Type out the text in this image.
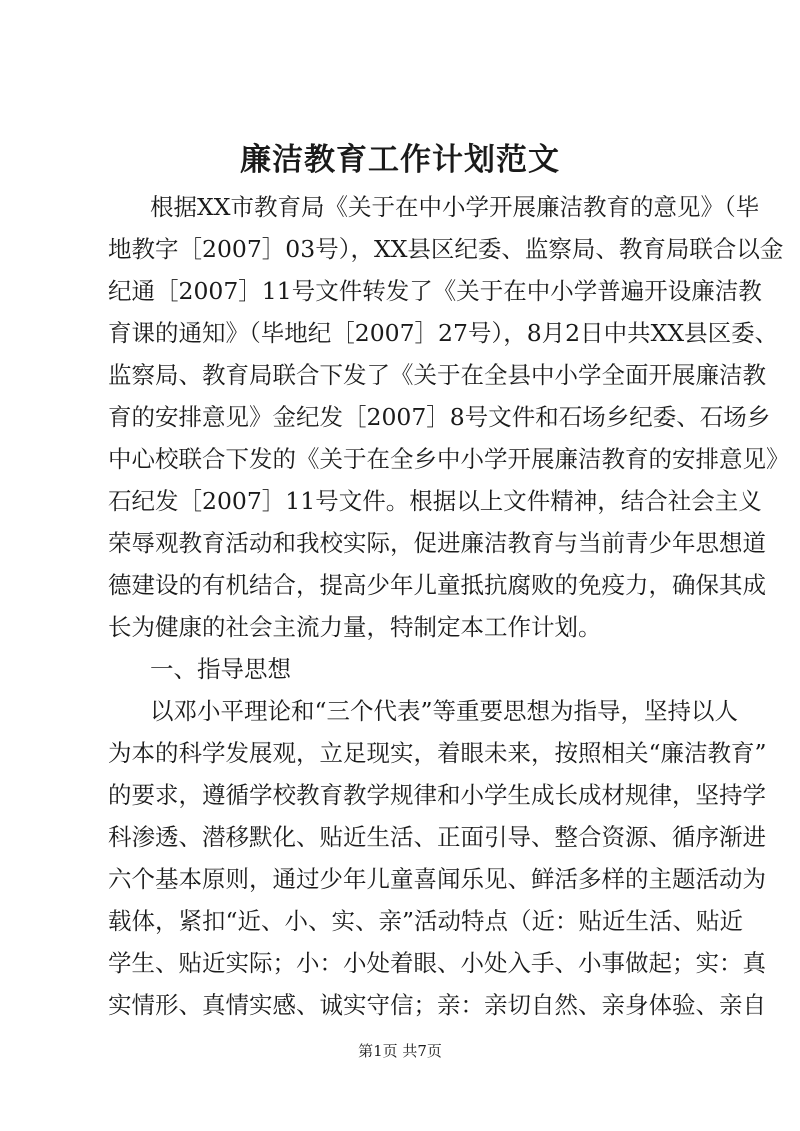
廉洁教育工作计划范文

根据XX市教育局《关于在中小学开展廉洁教育的意见》（毕

地教字［2007］03号），XX县区纪委、监察局、教育局联合以金

纪通［2007］11号文件转发了《关于在中小学普遍开设廉洁教

育课的通知》（毕地纪［2007］27号），8月2日中共XX县区委、

监察局、教育局联合下发了《关于在全县中小学全面开展廉洁教

育的安排意见》金纪发［2007］8号文件和石场乡纪委、石场乡

中心校联合下发的《关于在全乡中小学开展廉洁教育的安排意见》

石纪发［2007］11号文件。根据以上文件精神，结合社会主义

荣辱观教育活动和我校实际，促进廉洁教育与当前青少年思想道

德建设的有机结合，提高少年儿童抵抗腐败的免疫力，确保其成

长为健康的社会主流力量，特制定本工作计划。

一、指导思想

以邓小平理论和“三个代表”等重要思想为指导，坚持以人

为本的科学发展观，立足现实，着眼未来，按照相关“廉洁教育”

的要求，遵循学校教育教学规律和小学生成长成材规律，坚持学

科渗透、潜移默化、贴近生活、正面引导、整合资源、循序渐进

六个基本原则，通过少年儿童喜闻乐见、鲜活多样的主题活动为

载体，紧扣“近、小、实、亲”活动特点（近：贴近生活、贴近

学生、贴近实际；小：小处着眼、小处入手、小事做起；实：真

实情形、真情实感、诚实守信；亲：亲切自然、亲身体验、亲自

第1页 共7页
